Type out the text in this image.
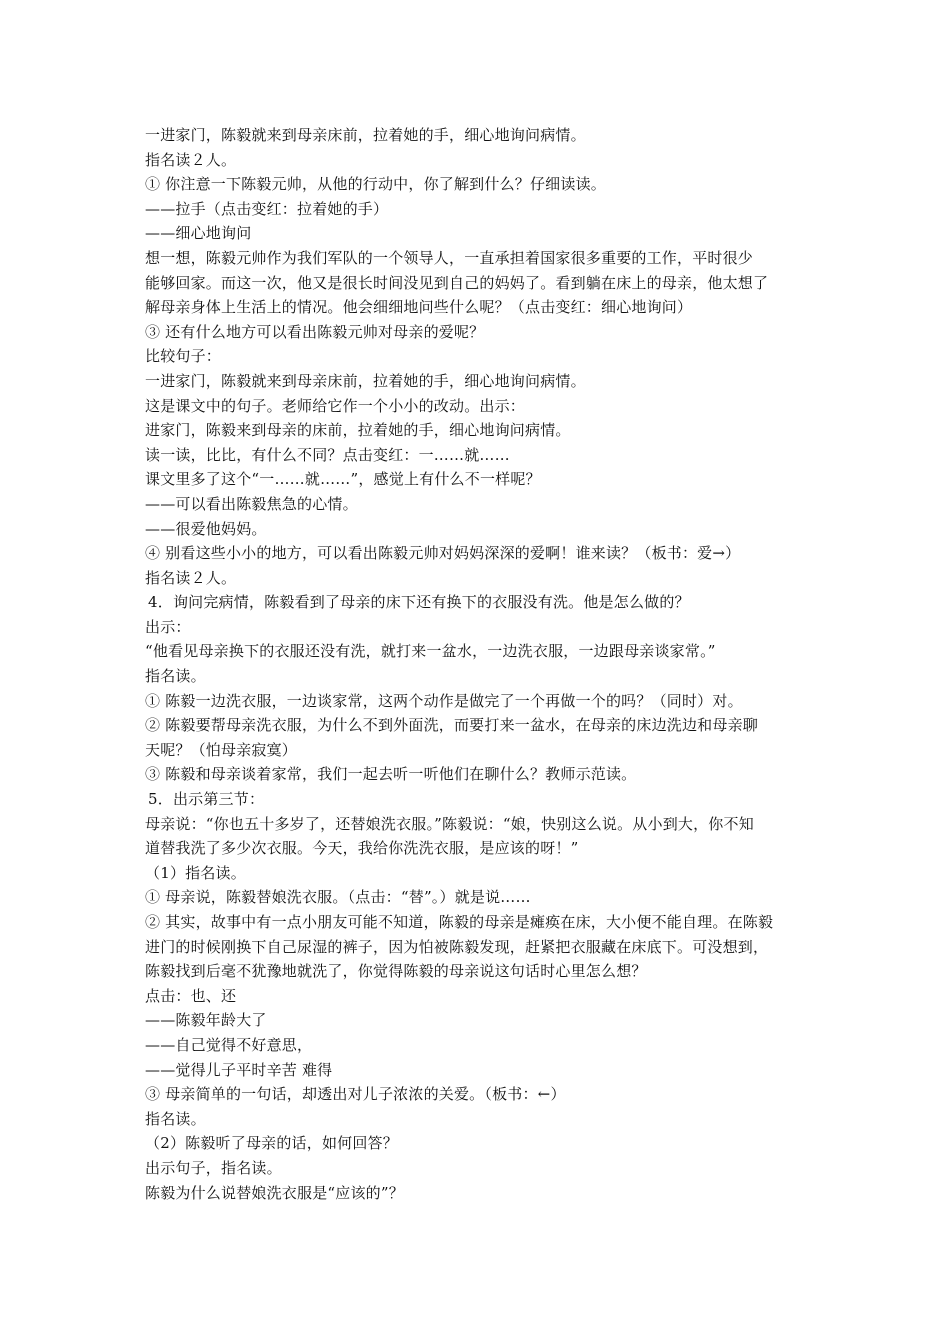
一进家门，陈毅就来到母亲床前，拉着她的手，细心地询问病情。
指名读２人。
① 你注意一下陈毅元帅，从他的行动中，你了解到什么？仔细读读。
——拉手（点击变红：拉着她的手）
——细心地询问
想一想，陈毅元帅作为我们军队的一个领导人，一直承担着国家很多重要的工作，平时很少
能够回家。而这一次，他又是很长时间没见到自己的妈妈了。看到躺在床上的母亲，他太想了
解母亲身体上生活上的情况。他会细细地问些什么呢？（点击变红：细心地询问）
③ 还有什么地方可以看出陈毅元帅对母亲的爱呢？
比较句子：
一进家门，陈毅就来到母亲床前，拉着她的手，细心地询问病情。
这是课文中的句子。老师给它作一个小小的改动。出示：
进家门，陈毅来到母亲的床前，拉着她的手，细心地询问病情。
读一读，比比，有什么不同？点击变红：一……就……
课文里多了这个“一……就……”，感觉上有什么不一样呢？
——可以看出陈毅焦急的心情。
——很爱他妈妈。
④ 别看这些小小的地方，可以看出陈毅元帅对妈妈深深的爱啊！谁来读？（板书：爱→）
指名读２人。
4．询问完病情，陈毅看到了母亲的床下还有换下的衣服没有洗。他是怎么做的？
出示：
“他看见母亲换下的衣服还没有洗，就打来一盆水，一边洗衣服，一边跟母亲谈家常。”
指名读。
① 陈毅一边洗衣服，一边谈家常，这两个动作是做完了一个再做一个的吗？（同时）对。
② 陈毅要帮母亲洗衣服，为什么不到外面洗，而要打来一盆水，在母亲的床边洗边和母亲聊
天呢？（怕母亲寂寞）
③ 陈毅和母亲谈着家常，我们一起去听一听他们在聊什么？教师示范读。
5．出示第三节：
母亲说：“你也五十多岁了，还替娘洗衣服。”陈毅说：“娘，快别这么说。从小到大，你不知
道替我洗了多少次衣服。今天，我给你洗洗衣服，是应该的呀！”
（1）指名读。
① 母亲说，陈毅替娘洗衣服。（点击：“替”。）就是说……
② 其实，故事中有一点小朋友可能不知道，陈毅的母亲是瘫痪在床，大小便不能自理。在陈毅
进门的时候刚换下自己尿湿的裤子，因为怕被陈毅发现，赶紧把衣服藏在床底下。可没想到，
陈毅找到后毫不犹豫地就洗了，你觉得陈毅的母亲说这句话时心里怎么想？
点击：也、还
——陈毅年龄大了
——自己觉得不好意思，
——觉得儿子平时辛苦 难得
③ 母亲简单的一句话，却透出对儿子浓浓的关爱。（板书：←）
指名读。
（2）陈毅听了母亲的话，如何回答？
出示句子，指名读。
陈毅为什么说替娘洗衣服是“应该的”？
